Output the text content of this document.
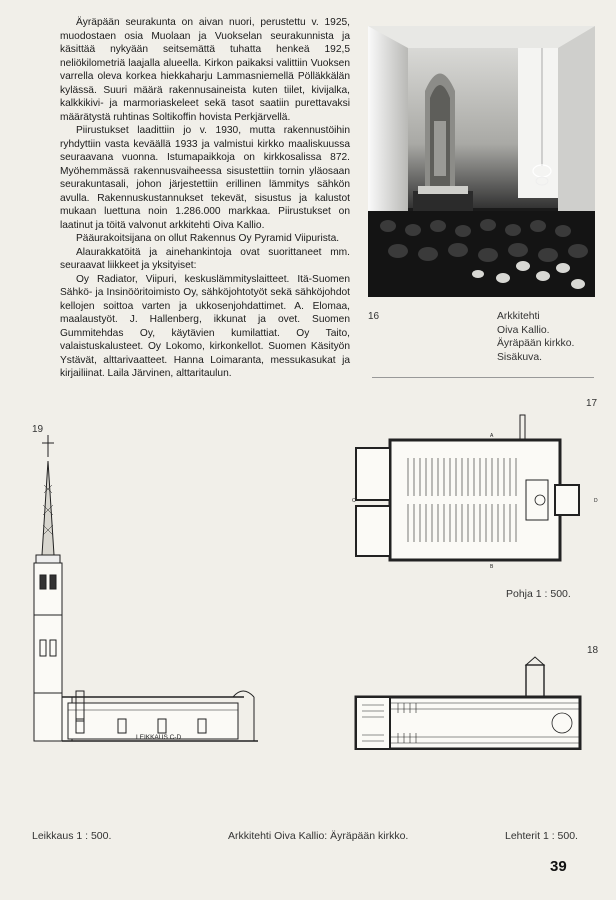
Äyräpään seurakunta on aivan nuori, perustettu v. 1925, muodostaen osia Muolaan ja Vuokselan seurakunnista ja käsittää nykyään seitsemättä tuhatta henkeä 192,5 neliökilometriä laajalla alueella. Kirkon paikaksi valittiin Vuoksen varrella oleva korkea hiekkaharju Lammasniemellä Pölläkkälän kylässä. Suuri määrä rakennusaineista kuten tiilet, kivijalka, kalkkikivi- ja marmoriaskeleet sekä tasot saatiin purettavaksi määrätystä ruhtinas Soltikoffin hovista Perkjärvellä.

Piirustukset laadittiin jo v. 1930, mutta rakennustöihin ryhdyttiin vasta keväällä 1933 ja valmistui kirkko maaliskuussa seuraavana vuonna. Istumapaikkoja on kirkkosalissa 872. Myöhemmässä rakennusvaiheessa sisustettiin tornin yläosaan seurakuntasali, johon järjestettiin erillinen lämmitys sähkön avulla. Rakennuskustannukset tekevät, sisustus ja kalustot mukaan luettuna noin 1.286.000 markkaa. Piirustukset on laatinut ja töitä valvonut arkkitehti Oiva Kallio.

Pääurakoitsijana on ollut Rakennus Oy Pyramid Viipurista.

Alaurakkatöitä ja ainehankintoja ovat suorittaneet mm. seuraavat liikkeet ja yksityiset:

Oy Radiator, Viipuri, keskuslämmityslaitteet. Itä-Suomen Sähkö- ja Insinööritoimisto Oy, sähköjohtotyöt sekä sähköjohdot kellojen soittoa varten ja ukkosenjohdattimet. A. Elomaa, maalaustyöt. J. Hallenberg, ikkunat ja ovet. Suomen Gummitehdas Oy, käytävien kumilattiat. Oy Taito, valaistuskalusteet. Oy Lokomo, kirkonkellot. Suomen Käsityön Ystävät, alttarivaatteet. Hanna Loimaranta, messukasukat ja kirjailiinat. Laila Järvinen, alttaritaulun.

16	Arkkitehti
Oiva Kallio.
Äyräpään kirkko.
Sisäkuva.
19
17
18
LEIKKAUS C-D
A
B
C	D
Pohja 1 : 500.
Leikkaus 1 : 500.	Arkkitehti Oiva Kallio: Äyräpään kirkko.	Lehterit 1 : 500.
39
